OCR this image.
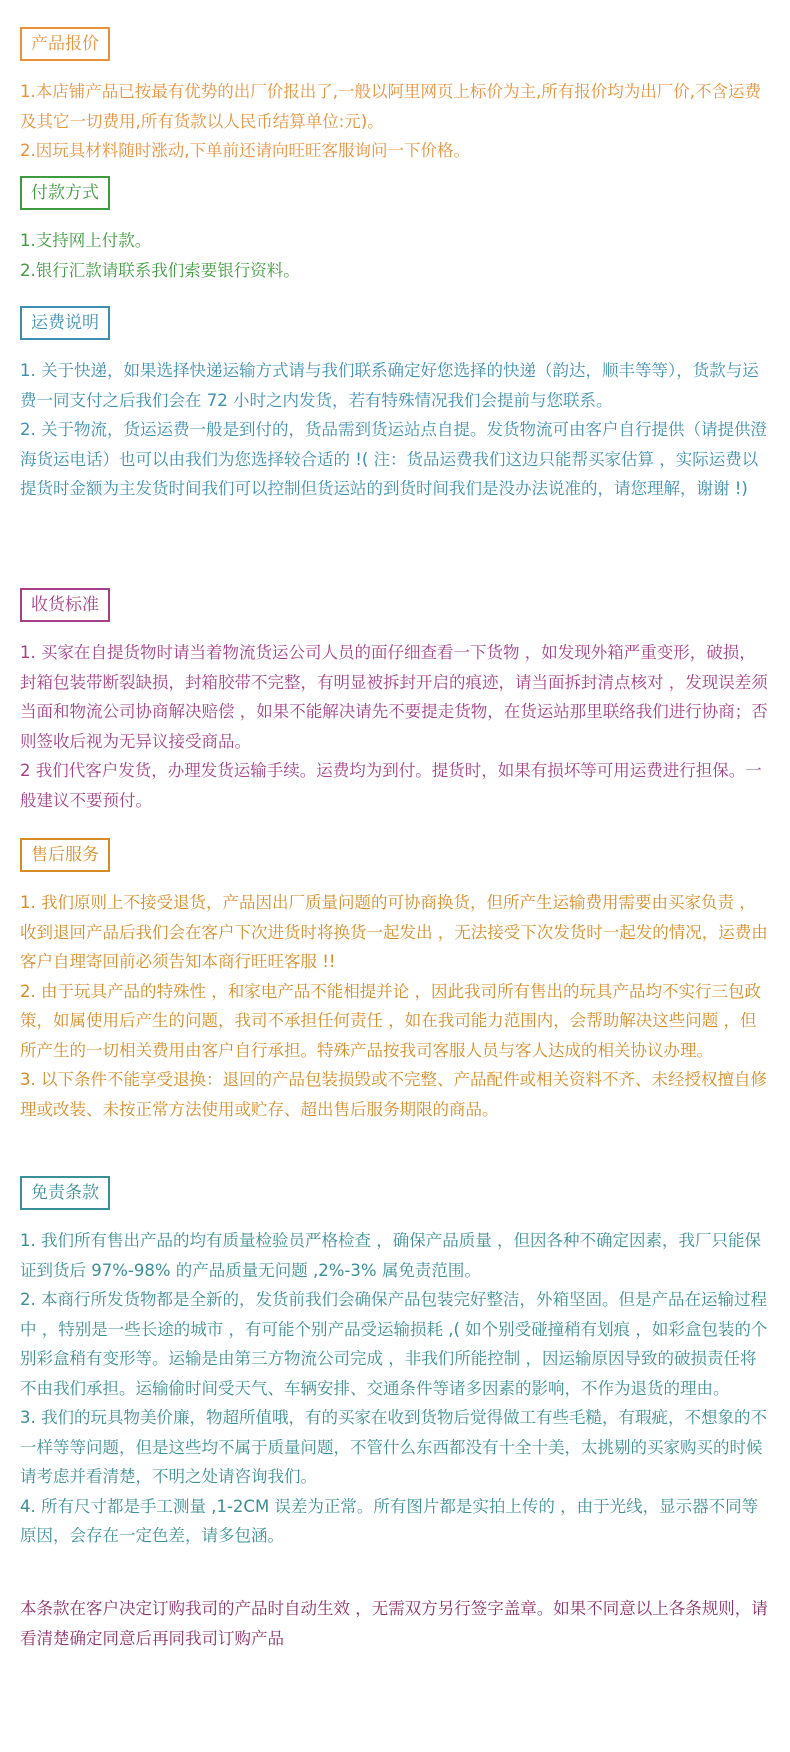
产品报价

1.本店铺产品已按最有优势的出厂价报出了,一般以阿里网页上标价为主,所有报价均为出厂价,不含运费及其它一切费用,所有货款以人民币结算单位:元)。

2.因玩具材料随时涨动,下单前还请向旺旺客服询问一下价格。

付款方式

1.支持网上付款。

2.银行汇款请联系我们索要银行资料。

运费说明

1. 关于快递，如果选择快递运输方式请与我们联系确定好您选择的快递（韵达，顺丰等等），货款与运费一同支付之后我们会在 72 小时之内发货，若有特殊情况我们会提前与您联系。

2. 关于物流，货运运费一般是到付的，货品需到货运站点自提。发货物流可由客户自行提供（请提供澄海货运电话）也可以由我们为您选择较合适的 !( 注：货品运费我们这边只能帮买家估算 ，实际运费以提货时金额为主发货时间我们可以控制但货运站的到货时间我们是没办法说准的，请您理解，谢谢 !)

收货标准

1. 买家在自提货物时请当着物流货运公司人员的面仔细查看一下货物 ，如发现外箱严重变形，破损，封箱包装带断裂缺损，封箱胶带不完整，有明显被拆封开启的痕迹，请当面拆封清点核对 ，发现误差须当面和物流公司协商解决赔偿 ，如果不能解决请先不要提走货物，在货运站那里联络我们进行协商；否则签收后视为无异议接受商品。

2 我们代客户发货，办理发货运输手续。运费均为到付。提货时，如果有损坏等可用运费进行担保。一般建议不要预付。

售后服务

1. 我们原则上不接受退货，产品因出厂质量问题的可协商换货，但所产生运输费用需要由买家负责 ，收到退回产品后我们会在客户下次进货时将换货一起发出 ，无法接受下次发货时一起发的情况，运费由客户自理寄回前必须告知本商行旺旺客服 !!

2. 由于玩具产品的特殊性 ，和家电产品不能相提并论 ，因此我司所有售出的玩具产品均不实行三包政策，如属使用后产生的问题，我司不承担任何责任 ，如在我司能力范围内，会帮助解决这些问题 ，但所产生的一切相关费用由客户自行承担。特殊产品按我司客服人员与客人达成的相关协议办理。

3. 以下条件不能享受退换：退回的产品包装损毁或不完整、产品配件或相关资料不齐、未经授权擅自修理或改装、未按正常方法使用或贮存、超出售后服务期限的商品。

免责条款

1. 我们所有售出产品的均有质量检验员严格检查 ，确保产品质量 ，但因各种不确定因素，我厂只能保证到货后 97%-98% 的产品质量无问题 ,2%-3% 属免责范围。

2. 本商行所发货物都是全新的，发货前我们会确保产品包装完好整洁，外箱坚固。但是产品在运输过程中 ，特别是一些长途的城市 ，有可能个别产品受运输损耗 ,( 如个别受碰撞稍有划痕 ，如彩盒包装的个别彩盒稍有变形等。运输是由第三方物流公司完成 ，非我们所能控制 ，因运输原因导致的破损责任将不由我们承担。运输偷时间受天气、车辆安排、交通条件等诸多因素的影响，不作为退货的理由。

3. 我们的玩具物美价廉，物超所值哦，有的买家在收到货物后觉得做工有些毛糙，有瑕疵，不想象的不一样等等问题，但是这些均不属于质量问题，不管什么东西都没有十全十美，太挑剔的买家购买的时候请考虑并看清楚，不明之处请咨询我们。

4. 所有尺寸都是手工测量 ,1-2CM 误差为正常。所有图片都是实拍上传的 ，由于光线，显示器不同等原因，会存在一定色差，请多包涵。

本条款在客户决定订购我司的产品时自动生效 ，无需双方另行签字盖章。如果不同意以上各条规则，请看清楚确定同意后再同我司订购产品
